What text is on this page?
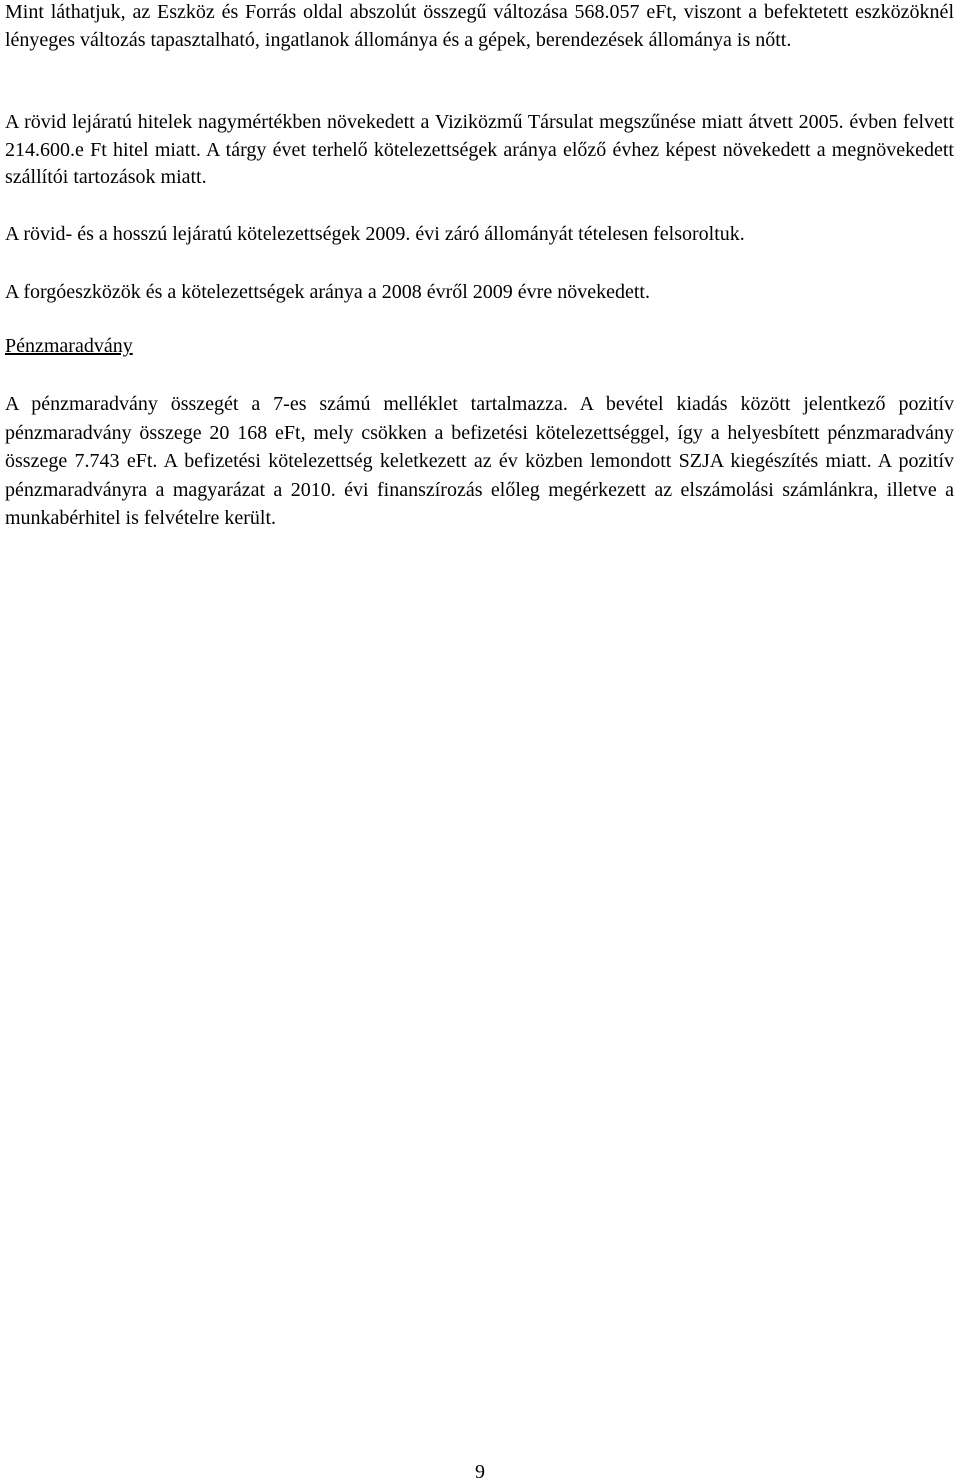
Mint láthatjuk, az Eszköz és Forrás oldal abszolút összegű változása 568.057 eFt, viszont a befektetett eszközöknél lényeges változás tapasztalható, ingatlanok állománya és a gépek, berendezések állománya is nőtt.

A rövid lejáratú hitelek nagymértékben növekedett a Viziközmű Társulat megszűnése miatt átvett 2005. évben felvett 214.600.e Ft hitel miatt. A tárgy évet terhelő kötelezettségek aránya előző évhez képest növekedett a megnövekedett szállítói tartozások miatt.

A rövid- és a hosszú lejáratú kötelezettségek 2009. évi záró állományát tételesen felsoroltuk.

A forgóeszközök és a kötelezettségek aránya a 2008 évről 2009 évre növekedett.

Pénzmaradvány

A pénzmaradvány összegét a 7-es számú melléklet tartalmazza. A bevétel kiadás között jelentkező pozitív pénzmaradvány összege 20 168 eFt, mely csökken a befizetési kötelezettséggel, így a helyesbített pénzmaradvány összege 7.743 eFt. A befizetési kötelezettség keletkezett az év közben lemondott SZJA kiegészítés miatt. A pozitív pénzmaradványra a magyarázat a 2010. évi finanszírozás előleg megérkezett az elszámolási számlánkra, illetve a munkabérhitel is felvételre került.

9
